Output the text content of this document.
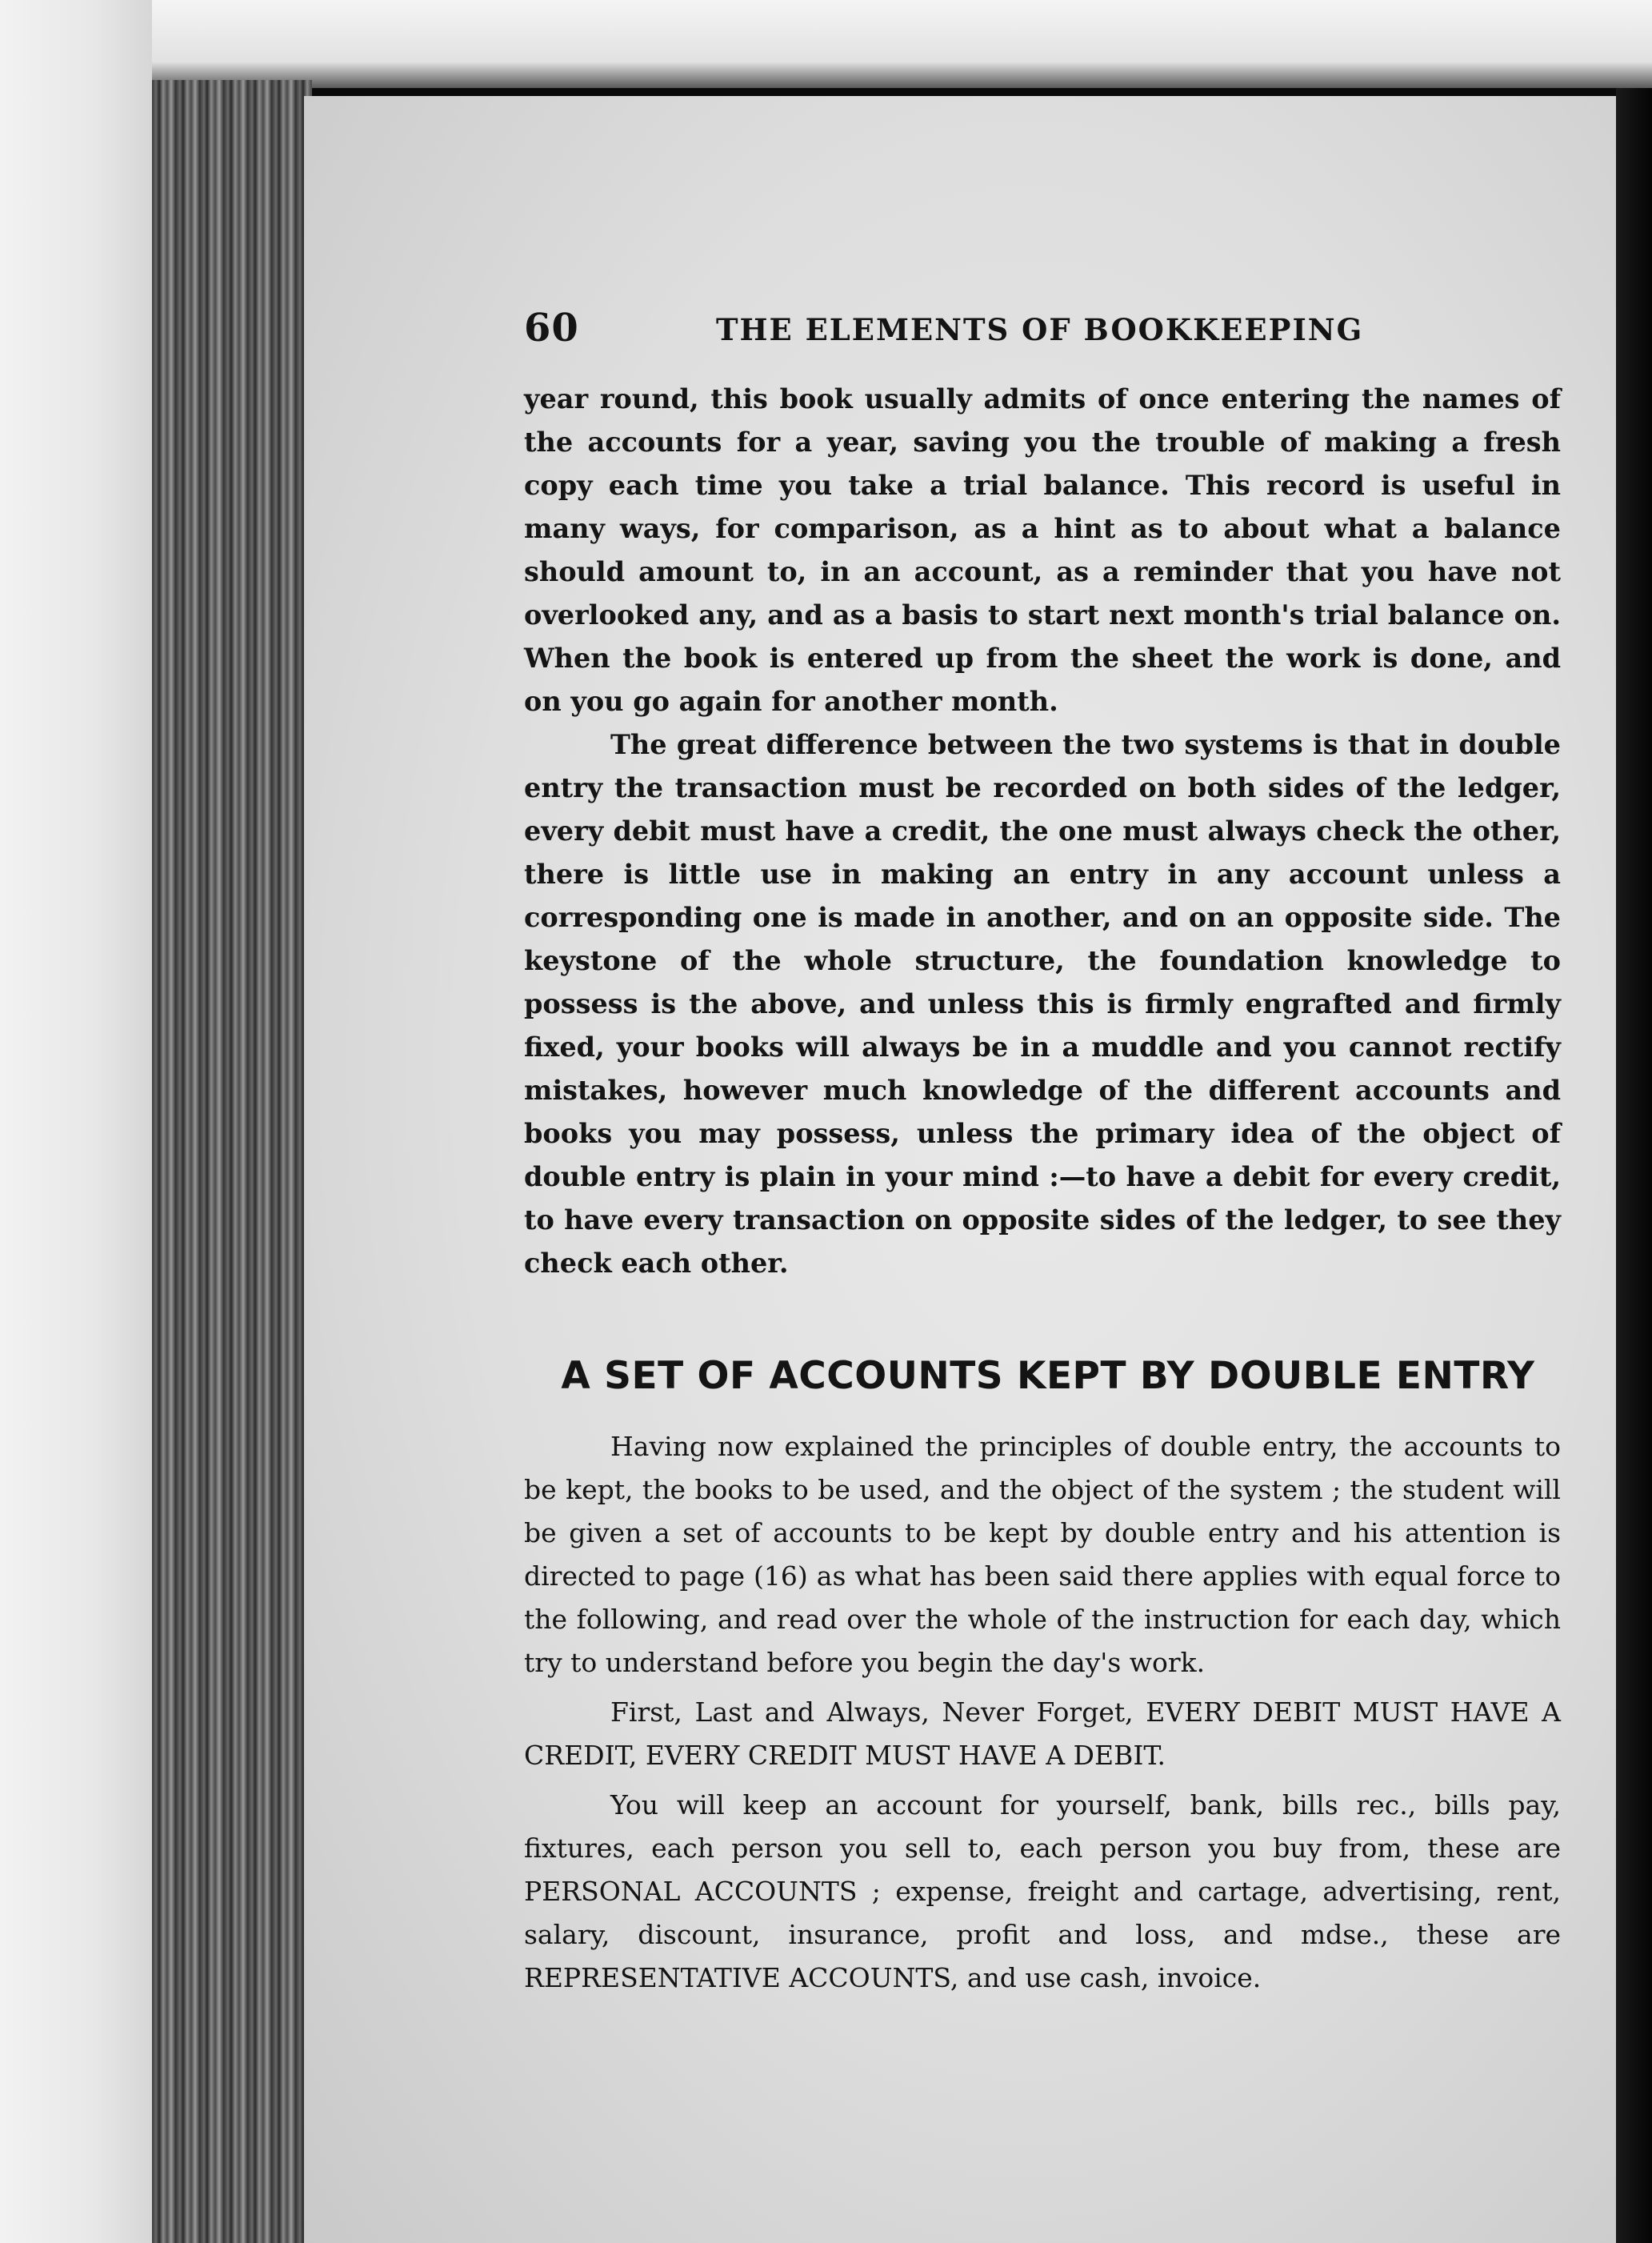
60	THE ELEMENTS OF BOOKKEEPING

year round, this book usually admits of once entering the names of the accounts for a year, saving you the trouble of making a fresh copy each time you take a trial balance. This record is useful in many ways, for comparison, as a hint as to about what a balance should amount to, in an account, as a reminder that you have not overlooked any, and as a basis to start next month's trial balance on. When the book is entered up from the sheet the work is done, and on you go again for another month.

The great difference between the two systems is that in double entry the transaction must be recorded on both sides of the ledger, every debit must have a credit, the one must always check the other, there is little use in making an entry in any account unless a corresponding one is made in another, and on an opposite side. The keystone of the whole structure, the foundation knowledge to possess is the above, and unless this is firmly engrafted and firmly fixed, your books will always be in a muddle and you cannot rectify mistakes, however much knowledge of the different accounts and books you may possess, unless the primary idea of the object of double entry is plain in your mind :—to have a debit for every credit, to have every transaction on opposite sides of the ledger, to see they check each other.

A SET OF ACCOUNTS KEPT BY DOUBLE ENTRY

Having now explained the principles of double entry, the accounts to be kept, the books to be used, and the object of the system ; the student will be given a set of accounts to be kept by double entry and his attention is directed to page (16) as what has been said there applies with equal force to the following, and read over the whole of the instruction for each day, which try to understand before you begin the day's work.

First, Last and Always, Never Forget, EVERY DEBIT MUST HAVE A CREDIT, EVERY CREDIT MUST HAVE A DEBIT.

You will keep an account for yourself, bank, bills rec., bills pay, fixtures, each person you sell to, each person you buy from, these are PERSONAL ACCOUNTS ; expense, freight and cartage, advertising, rent, salary, discount, insurance, profit and loss, and mdse., these are REPRESENTATIVE ACCOUNTS, and use cash, invoice.
